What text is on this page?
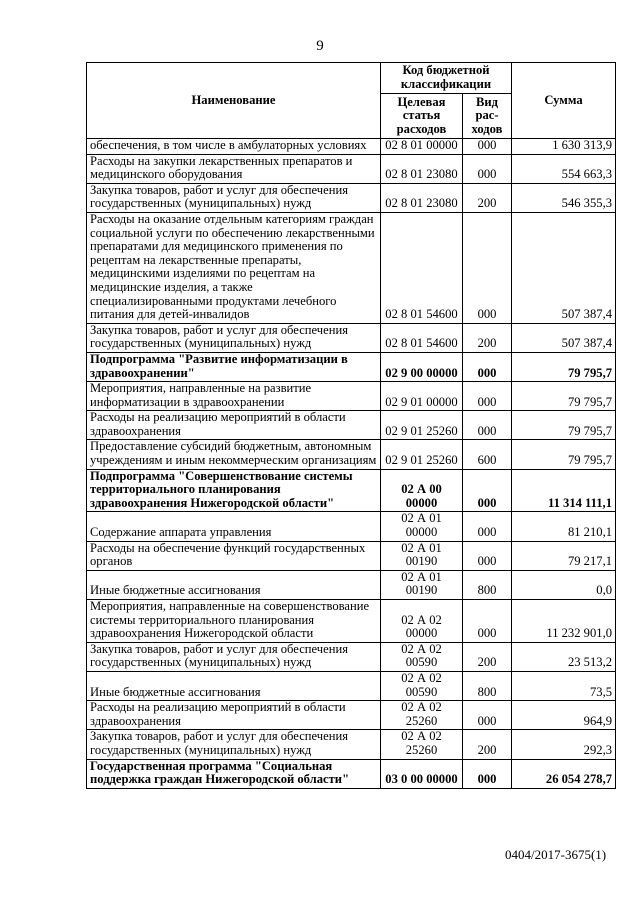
9
Наименование	Код бюджетной классификации		Сумма
	Целевая статья расходов	Вид рас-ходов	
обеспечения, в том числе в амбулаторных условиях	02 8 01 00000	000	1 630 313,9
Расходы на закупки лекарственных препаратов и медицинского оборудования	02 8 01 23080	000	554 663,3
Закупка товаров, работ и услуг для обеспечения государственных (муниципальных) нужд	02 8 01 23080	200	546 355,3
Расходы на оказание отдельным категориям граждан социальной услуги по обеспечению лекарственными препаратами для медицинского применения по рецептам на лекарственные препараты, медицинскими изделиями по рецептам на медицинские изделия, а также специализированными продуктами лечебного питания для детей-инвалидов	02 8 01 54600	000	507 387,4
Закупка товаров, работ и услуг для обеспечения государственных (муниципальных) нужд	02 8 01 54600	200	507 387,4
Подпрограмма "Развитие информатизации в здравоохранении"	02 9 00 00000	000	79 795,7
Мероприятия, направленные на развитие информатизации в здравоохранении	02 9 01 00000	000	79 795,7
Расходы на реализацию мероприятий в области здравоохранения	02 9 01 25260	000	79 795,7
Предоставление субсидий бюджетным, автономным учреждениям и иным некоммерческим организациям	02 9 01 25260	600	79 795,7
Подпрограмма "Совершенствование системы территориального планирования здравоохранения Нижегородской области"	02 А 00 00000	000	11 314 111,1
Содержание аппарата управления	02 А 01 00000	000	81 210,1
Расходы на обеспечение функций государственных органов	02 А 01 00190	000	79 217,1
Иные бюджетные ассигнования	02 А 01 00190	800	0,0
Мероприятия, направленные на совершенствование системы территориального планирования здравоохранения Нижегородской области	02 А 02 00000	000	11 232 901,0
Закупка товаров, работ и услуг для обеспечения государственных (муниципальных) нужд	02 А 02 00590	200	23 513,2
Иные бюджетные ассигнования	02 А 02 00590	800	73,5
Расходы на реализацию мероприятий в области здравоохранения	02 А 02 25260	000	964,9
Закупка товаров, работ и услуг для обеспечения государственных (муниципальных) нужд	02 А 02 25260	200	292,3
Государственная программа "Социальная поддержка граждан Нижегородской области"	03 0 00 00000	000	26 054 278,7
0404/2017-3675(1)
